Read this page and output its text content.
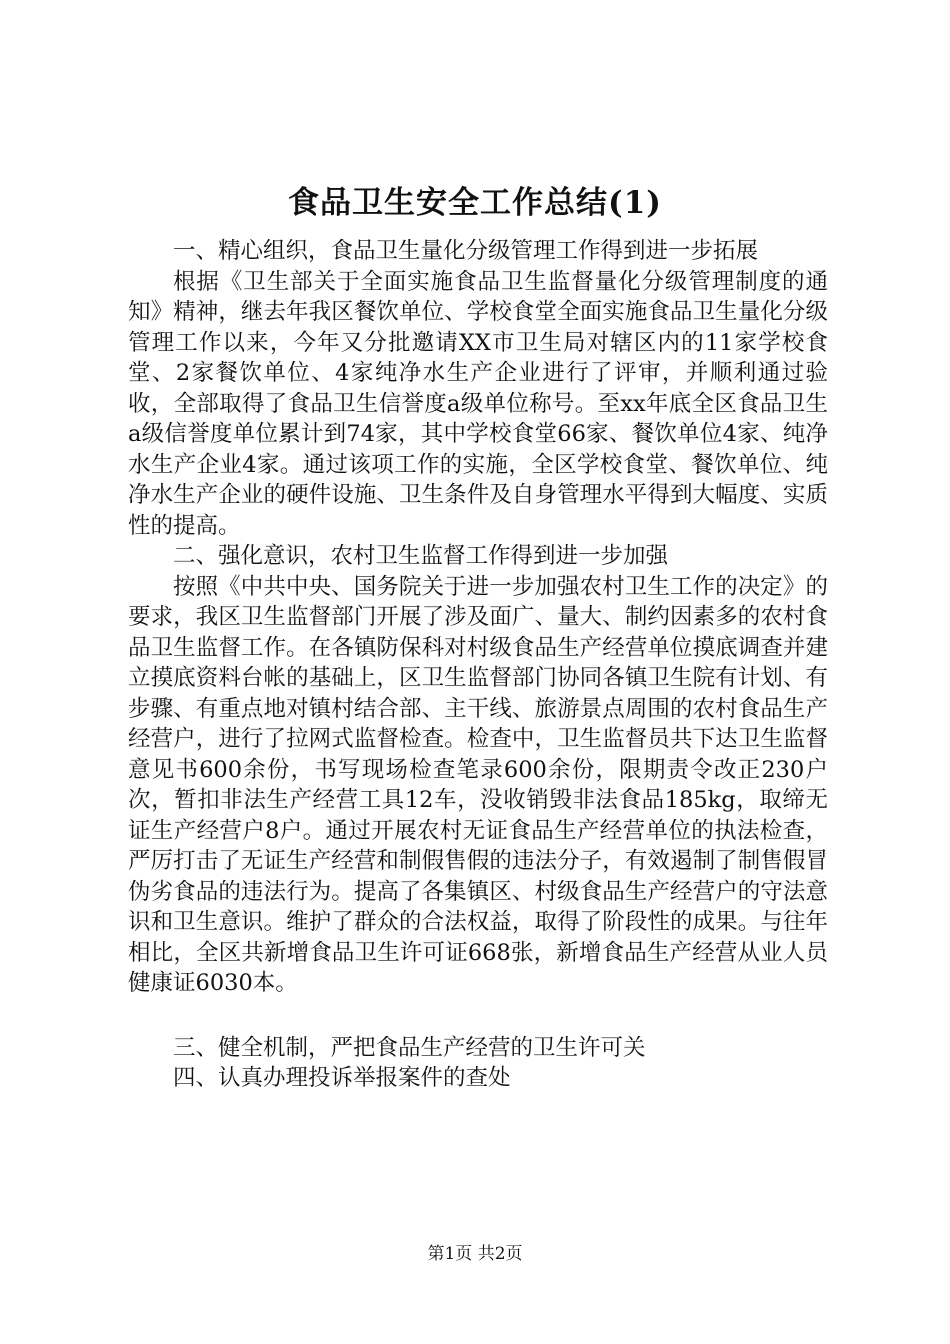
食品卫生安全工作总结(1)

一、精心组织，食品卫生量化分级管理工作得到进一步拓展

根据《卫生部关于全面实施食品卫生监督量化分级管理制度的通知》精神，继去年我区餐饮单位、学校食堂全面实施食品卫生量化分级管理工作以来，今年又分批邀请XX市卫生局对辖区内的11家学校食堂、2家餐饮单位、4家纯净水生产企业进行了评审，并顺利通过验收，全部取得了食品卫生信誉度a级单位称号。至xx年底全区食品卫生a级信誉度单位累计到74家，其中学校食堂66家、餐饮单位4家、纯净水生产企业4家。通过该项工作的实施，全区学校食堂、餐饮单位、纯净水生产企业的硬件设施、卫生条件及自身管理水平得到大幅度、实质性的提高。

二、强化意识，农村卫生监督工作得到进一步加强

按照《中共中央、国务院关于进一步加强农村卫生工作的决定》的要求，我区卫生监督部门开展了涉及面广、量大、制约因素多的农村食品卫生监督工作。在各镇防保科对村级食品生产经营单位摸底调查并建立摸底资料台帐的基础上，区卫生监督部门协同各镇卫生院有计划、有步骤、有重点地对镇村结合部、主干线、旅游景点周围的农村食品生产经营户，进行了拉网式监督检查。检查中，卫生监督员共下达卫生监督意见书600余份，书写现场检查笔录600余份，限期责令改正230户次，暂扣非法生产经营工具12车，没收销毁非法食品185kg，取缔无证生产经营户8户。通过开展农村无证食品生产经营单位的执法检查，严厉打击了无证生产经营和制假售假的违法分子，有效遏制了制售假冒伪劣食品的违法行为。提高了各集镇区、村级食品生产经营户的守法意识和卫生意识。维护了群众的合法权益，取得了阶段性的成果。与往年相比，全区共新增食品卫生许可证668张，新增食品生产经营从业人员健康证6030本。

三、健全机制，严把食品生产经营的卫生许可关

四、认真办理投诉举报案件的查处

第1页 共2页
